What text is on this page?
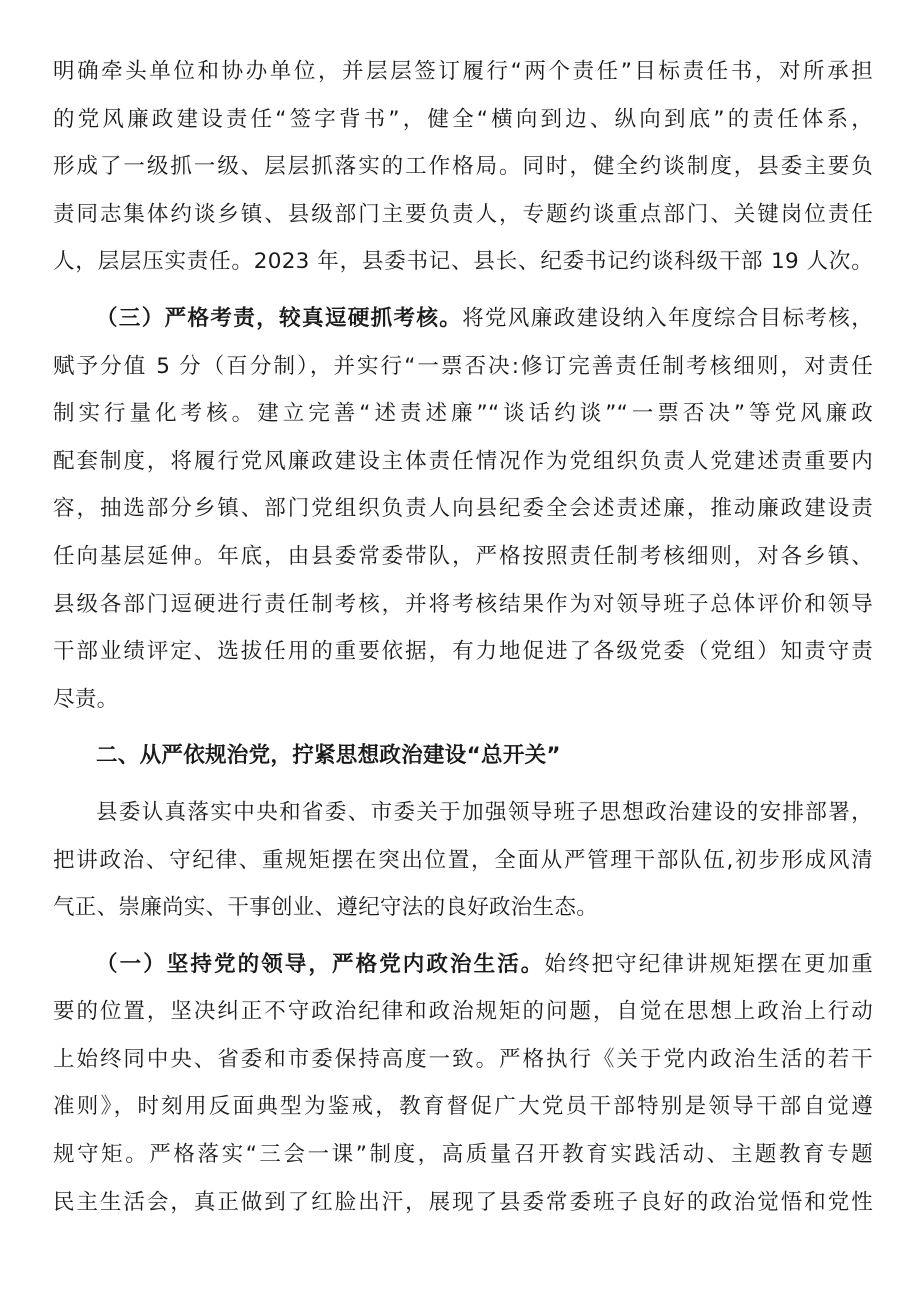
明确牵头单位和协办单位，并层层签订履行“两个责任”目标责任书，对所承担
的党风廉政建设责任“签字背书”，健全“横向到边、纵向到底”的责任体系，
形成了一级抓一级、层层抓落实的工作格局。同时，健全约谈制度，县委主要负
责同志集体约谈乡镇、县级部门主要负责人，专题约谈重点部门、关键岗位责任
人，层层压实责任。2023 年，县委书记、县长、纪委书记约谈科级干部 19 人次。
（三）严格考责，较真逗硬抓考核。将党风廉政建设纳入年度综合目标考核，
赋予分值 5 分（百分制），并实行“一票否决:修订完善责任制考核细则，对责任
制实行量化考核。建立完善“述责述廉”“谈话约谈”“一票否决”等党风廉政
配套制度，将履行党风廉政建设主体责任情况作为党组织负责人党建述责重要内
容，抽选部分乡镇、部门党组织负责人向县纪委全会述责述廉，推动廉政建设责
任向基层延伸。年底，由县委常委带队，严格按照责任制考核细则，对各乡镇、
县级各部门逗硬进行责任制考核，并将考核结果作为对领导班子总体评价和领导
干部业绩评定、选拔任用的重要依据，有力地促进了各级党委（党组）知责守责
尽责。
二、从严依规治党，拧紧思想政治建设“总开关”
县委认真落实中央和省委、市委关于加强领导班子思想政治建设的安排部署，
把讲政治、守纪律、重规矩摆在突出位置，全面从严管理干部队伍,初步形成风清
气正、崇廉尚实、干事创业、遵纪守法的良好政治生态。
（一）坚持党的领导，严格党内政治生活。始终把守纪律讲规矩摆在更加重
要的位置，坚决纠正不守政治纪律和政治规矩的问题，自觉在思想上政治上行动
上始终同中央、省委和市委保持高度一致。严格执行《关于党内政治生活的若干
准则》，时刻用反面典型为鉴戒，教育督促广大党员干部特别是领导干部自觉遵
规守矩。严格落实“三会一课”制度，高质量召开教育实践活动、主题教育专题
民主生活会，真正做到了红脸出汗，展现了县委常委班子良好的政治觉悟和党性
